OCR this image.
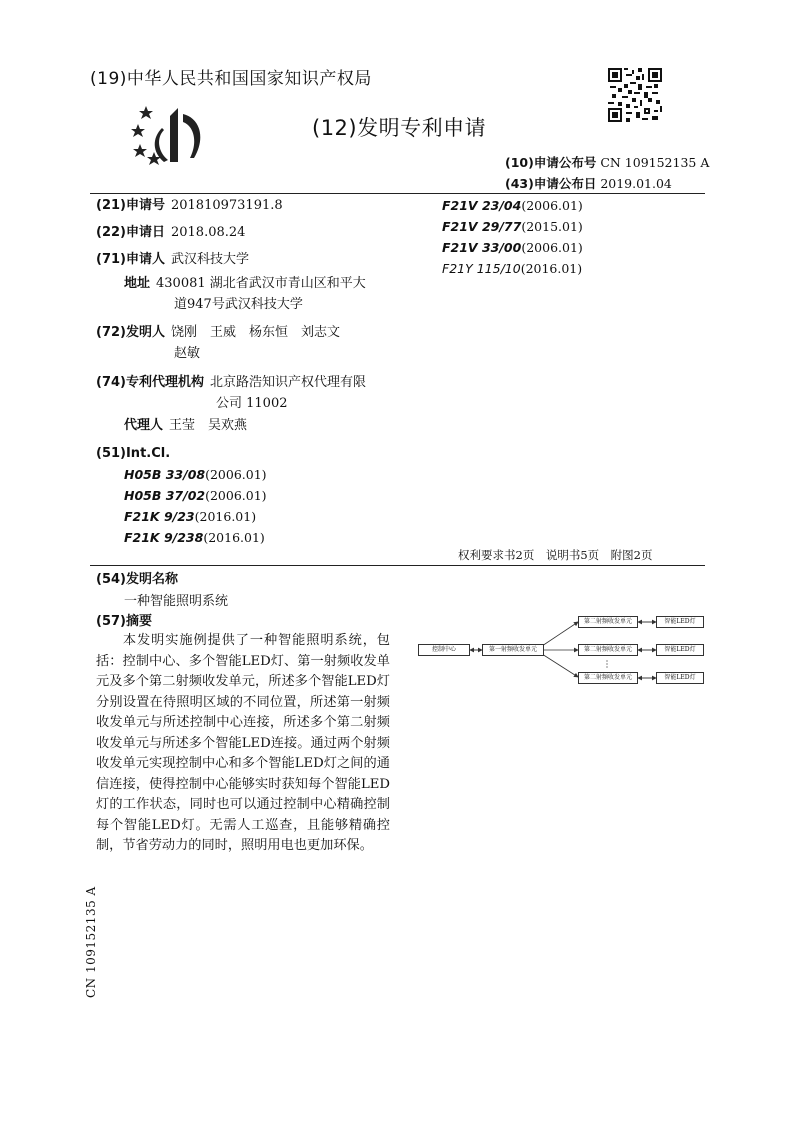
(19)中华人民共和国国家知识产权局
(12)发明专利申请
(10)申请公布号 CN 109152135 A
(43)申请公布日 2019.01.04
(21)申请号 201810973191.8
(22)申请日 2018.08.24
(71)申请人 武汉科技大学
地址 430081 湖北省武汉市青山区和平大
道947号武汉科技大学
(72)发明人 饶刚　王威　杨东恒　刘志文
赵敏
(74)专利代理机构 北京路浩知识产权代理有限
公司 11002
代理人 王莹　吴欢燕
(51)Int.Cl.
H05B 33/08(2006.01)
H05B 37/02(2006.01)
F21K 9/23(2016.01)
F21K 9/238(2016.01)
F21V 23/04(2006.01)
F21V 29/77(2015.01)
F21V 33/00(2006.01)
F21Y 115/10(2016.01)
权利要求书2页　说明书5页　附图2页
(54)发明名称
一种智能照明系统
(57)摘要
本发明实施例提供了一种智能照明系统，包括：控制中心、多个智能LED灯、第一射频收发单元及多个第二射频收发单元，所述多个智能LED灯分别设置在待照明区域的不同位置，所述第一射频收发单元与所述控制中心连接，所述多个第二射频收发单元与所述多个智能LED连接。通过两个射频收发单元实现控制中心和多个智能LED灯之间的通信连接，使得控制中心能够实时获知每个智能LED灯的工作状态，同时也可以通过控制中心精确控制每个智能LED灯。无需人工巡查，且能够精确控制，节省劳动力的同时，照明用电也更加环保。
控制中心	第一射频收发单元
第二射频收发单元
第二射频收发单元
第二射频收发单元
智能LED灯
智能LED灯
智能LED灯
CN 109152135 A
